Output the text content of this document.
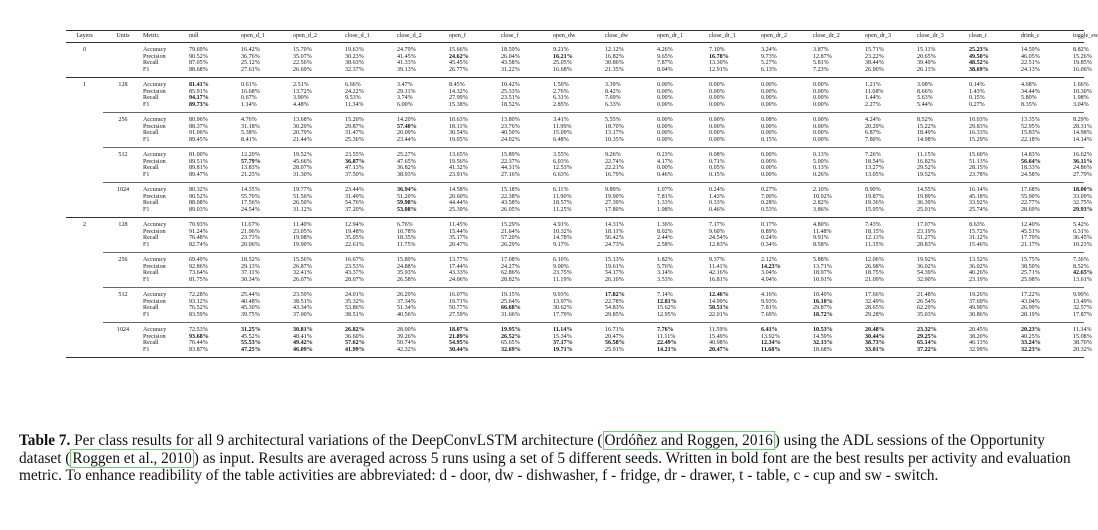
Layers	Units	Metric	null	open_d_1	open_d_2	close_d_1	close_d_2	open_f	close_f	open_dw	close_dw	open_dr_1	close_dr_1	open_dr_2	close_dr_2	open_dr_3	close_dr_3	clean_t	drink_c	toggle_sw
0		Accuracy	79.69%	16.42%	15.70%	19.63%	24.79%	15.66%	18.59%	9.21%	12.12%	4.26%	7.10%	3.24%	3.87%	15.71%	15.11%	25.23%	14.59%	8.82%
		Precision	90.52%	36.76%	35.07%	30.23%	41.45%	24.62%	26.04%	16.21%	16.82%	9.65%	16.78%	9.73%	12.87%	23.22%	20.65%	49.50%	46.05%	15.26%
		Recall	87.05%	25.12%	22.56%	38.63%	41.33%	45.45%	43.58%	25.05%	30.86%	7.87%	13.30%	5.27%	5.81%	38.44%	39.49%	48.52%	22.51%	19.85%
		F1	88.68%	27.61%	26.69%	32.37%	39.13%	26.77%	31.22%	16.68%	21.35%	8.04%	12.91%	6.13%	7.23%	26.90%	26.11%	38.69%	24.13%	16.06%
1	128	Accuracy	81.41%	0.61%	2.51%	6.66%	3.47%	8.45%	10.42%	1.50%	3.39%	0.00%	0.00%	0.00%	0.00%	1.21%	3.08%	0.14%	4.68%	1.66%
		Precision	85.91%	16.68%	13.72%	24.22%	29.11%	14.32%	25.33%	2.76%	8.42%	0.00%	0.00%	0.00%	0.00%	11.68%	8.66%	1.43%	34.44%	10.30%
		Recall	94.17%	0.67%	3.90%	9.53%	3.74%	27.99%	23.51%	6.31%	7.69%	0.00%	0.00%	0.00%	0.00%	1.44%	5.63%	0.15%	5.80%	1.98%
		F1	89.73%	1.14%	4.48%	11.34%	6.00%	15.38%	18.52%	2.85%	6.33%	0.00%	0.00%	0.00%	0.00%	2.27%	5.44%	0.27%	8.35%	3.04%
	256	Accuracy	80.96%	4.76%	13.68%	15.20%	14.20%	10.63%	13.80%	3.41%	5.55%	0.00%	0.00%	0.08%	0.00%	4.24%	8.52%	10.03%	13.35%	8.29%
		Precision	88.37%	31.18%	30.29%	29.87%	57.40%	18.11%	23.76%	11.99%	18.70%	0.00%	0.00%	0.00%	0.00%	20.29%	15.22%	29.83%	52.95%	28.31%
		Recall	91.06%	5.38%	20.79%	31.47%	20.09%	30.54%	40.50%	15.09%	13.17%	0.00%	0.00%	0.00%	0.00%	6.87%	18.49%	16.33%	15.83%	14.98%
		F1	89.45%	8.41%	21.44%	25.36%	23.44%	19.05%	24.02%	6.48%	10.35%	0.00%	0.00%	0.15%	0.00%	7.80%	14.98%	15.29%	22.18%	14.14%
	512	Accuracy	81.00%	12.20%	19.52%	23.55%	25.27%	13.65%	15.89%	3.55%	9.26%	0.23%	0.08%	0.00%	0.13%	7.26%	11.15%	15.60%	14.83%	16.62%
		Precision	89.51%	57.79%	45.66%	36.87%	47.65%	19.56%	22.37%	6.03%	22.74%	4.17%	0.71%	0.00%	5.00%	18.54%	16.82%	51.13%	56.64%	36.11%
		Recall	89.81%	13.83%	28.07%	47.13%	36.82%	41.32%	44.31%	12.53%	22.21%	0.00%	0.05%	0.00%	0.13%	13.27%	29.52%	28.15%	18.33%	24.86%
		F1	89.47%	21.25%	31.30%	37.50%	38.93%	23.91%	27.16%	6.63%	16.79%	0.46%	0.15%	0.00%	0.26%	13.05%	19.52%	23.78%	24.58%	27.79%
	1024	Accuracy	80.32%	14.35%	19.77%	23.44%	36.94%	14.58%	15.18%	6.11%	9.89%	1.07%	0.24%	0.27%	2.10%	8.90%	14.55%	16.14%	17.68%	18.00%
		Precision	90.52%	55.70%	51.56%	31.49%	51.20%	20.60%	22.38%	11.90%	19.90%	7.81%	1.43%	7.00%	10.92%	19.87%	19.89%	45.18%	55.90%	33.09%
		Recall	88.08%	17.56%	26.50%	54.76%	59.98%	44.44%	43.58%	18.57%	27.39%	1.33%	0.33%	0.28%	2.82%	19.36%	36.39%	33.92%	22.77%	32.75%
		F1	89.03%	24.54%	31.12%	37.20%	53.08%	25.39%	26.05%	11.25%	17.80%	1.98%	0.46%	0.53%	3.86%	15.95%	25.01%	25.74%	28.69%	29.93%
2	128	Accuracy	70.93%	11.67%	11.40%	12.94%	6.76%	11.45%	15.29%	4.91%	14.31%	1.36%	7.17%	0.17%	4.80%	7.43%	17.07%	8.63%	12.40%	5.42%
		Precision	91.24%	21.96%	23.05%	19.48%	10.78%	15.44%	21.64%	10.32%	18.11%	8.02%	9.60%	0.89%	11.48%	18.15%	23.19%	15.72%	45.51%	6.31%
		Recall	76.48%	23.73%	19.98%	35.05%	18.35%	35.17%	57.20%	14.78%	56.42%	2.44%	24.54%	0.24%	9.91%	12.13%	51.27%	31.12%	17.79%	36.45%
		F1	82.74%	20.06%	19.90%	22.61%	11.75%	20.47%	26.29%	9.17%	24.73%	2.58%	12.83%	0.34%	8.58%	11.35%	28.83%	15.46%	21.17%	10.23%
	256	Accuracy	69.49%	18.52%	15.56%	16.67%	15.89%	13.77%	17.08%	6.10%	15.13%	1.82%	9.37%	2.12%	5.88%	12.06%	19.92%	13.52%	15.75%	7.36%
		Precision	92.86%	29.13%	26.87%	23.53%	24.88%	17.44%	24.27%	9.00%	19.61%	5.76%	11.41%	14.23%	13.71%	26.98%	36.02%	36.02%	38.50%	8.52%
		Recall	73.64%	37.11%	32.41%	43.37%	35.93%	43.33%	62.86%	23.75%	54.17%	3.14%	42.16%	3.04%	18.97%	18.75%	54.39%	40.26%	25.71%	42.65%
		F1	81.75%	30.34%	26.07%	28.07%	26.58%	24.06%	28.82%	11.19%	26.10%	3.53%	16.81%	4.04%	10.91%	21.09%	32.90%	23.19%	25.98%	13.61%
	512	Accuracy	72.28%	25.44%	23.59%	24.01%	26.29%	16.07%	19.15%	9.93%	17.82%	7.14%	12.46%	4.16%	10.49%	17.66%	21.48%	19.26%	17.22%	9.90%
		Precision	93.12%	40.48%	38.51%	35.32%	37.34%	19.71%	25.64%	13.97%	22.78%	12.81%	14.99%	9.93%	16.10%	32.49%	26.54%	37.69%	43.04%	13.49%
		Recall	76.52%	45.30%	43.34%	53.86%	51.34%	50.77%	66.68%	30.62%	54.83%	15.62%	50.51%	7.81%	29.87%	28.65%	62.29%	49.90%	26.99%	32.57%
		F1	83.59%	39.75%	37.00%	38.51%	40.56%	27.59%	31.66%	17.79%	29.85%	12.95%	22.01%	7.60%	18.72%	29.28%	35.03%	30.86%	28.19%	17.87%
	1024	Accuracy	72.53%	31.25%	30.81%	26.82%	28.00%	18.07%	19.95%	11.14%	16.71%	7.76%	11.59%	6.41%	10.53%	20.48%	23.32%	20.45%	20.23%	11.34%
		Precision	93.68%	45.52%	48.41%	36.60%	39.26%	21.89%	26.52%	15.34%	20.47%	11.11%	15.49%	13.92%	14.59%	30.44%	29.25%	38.20%	40.25%	15.08%
		Recall	76.44%	55.53%	49.42%	57.62%	50.74%	54.95%	65.65%	37.17%	56.58%	22.49%	40.98%	12.34%	32.13%	38.73%	65.14%	46.13%	33.24%	38.70%
		F1	83.87%	47.25%	46.09%	41.99%	42.32%	30.44%	32.69%	19.71%	25.91%	14.21%	20.47%	11.68%	18.68%	33.01%	37.22%	32.99%	32.23%	20.32%
Table 7. Per class results for all 9 architectural variations of the DeepConvLSTM architecture ( Ordóñez and Roggen, 2016 ) using the ADL sessions of the Opportunity dataset ( Roggen et al., 2010 ) as input. Results are averaged across 5 runs using a set of 5 different seeds. Written in bold font are the best results per activity and evaluation metric. To enhance readibility of the table activities are abbreviated: d - door, dw - dishwasher, f - fridge, dr - drawer, t - table, c - cup and sw - switch.
